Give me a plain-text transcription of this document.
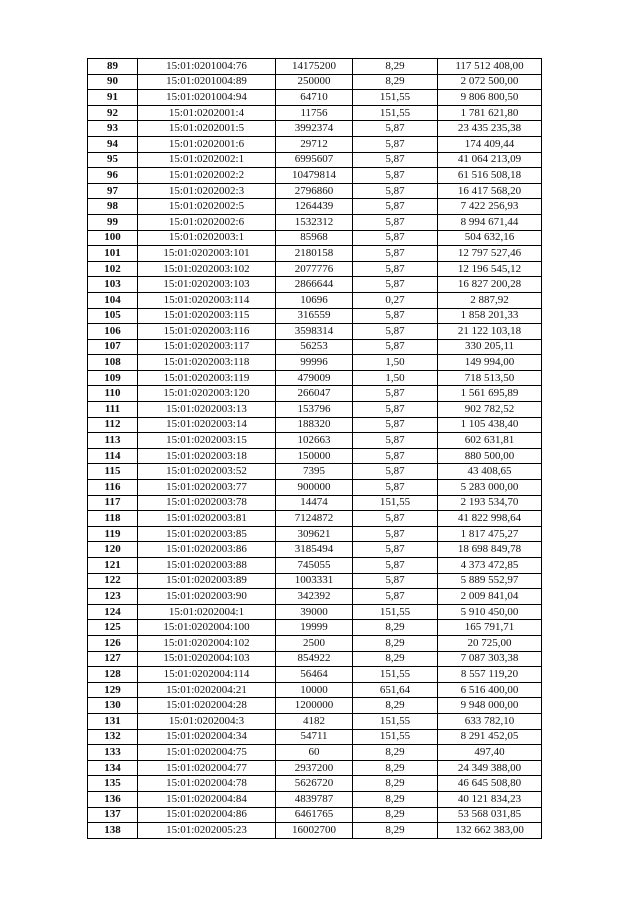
89	15:01:0201004:76	14175200	8,29	117 512 408,00
90	15:01:0201004:89	250000	8,29	2 072 500,00
91	15:01:0201004:94	64710	151,55	9 806 800,50
92	15:01:0202001:4	11756	151,55	1 781 621,80
93	15:01:0202001:5	3992374	5,87	23 435 235,38
94	15:01:0202001:6	29712	5,87	174 409,44
95	15:01:0202002:1	6995607	5,87	41 064 213,09
96	15:01:0202002:2	10479814	5,87	61 516 508,18
97	15:01:0202002:3	2796860	5,87	16 417 568,20
98	15:01:0202002:5	1264439	5,87	7 422 256,93
99	15:01:0202002:6	1532312	5,87	8 994 671,44
100	15:01:0202003:1	85968	5,87	504 632,16
101	15:01:0202003:101	2180158	5,87	12 797 527,46
102	15:01:0202003:102	2077776	5,87	12 196 545,12
103	15:01:0202003:103	2866644	5,87	16 827 200,28
104	15:01:0202003:114	10696	0,27	2 887,92
105	15:01:0202003:115	316559	5,87	1 858 201,33
106	15:01:0202003:116	3598314	5,87	21 122 103,18
107	15:01:0202003:117	56253	5,87	330 205,11
108	15:01:0202003:118	99996	1,50	149 994,00
109	15:01:0202003:119	479009	1,50	718 513,50
110	15:01:0202003:120	266047	5,87	1 561 695,89
111	15:01:0202003:13	153796	5,87	902 782,52
112	15:01:0202003:14	188320	5,87	1 105 438,40
113	15:01:0202003:15	102663	5,87	602 631,81
114	15:01:0202003:18	150000	5,87	880 500,00
115	15:01:0202003:52	7395	5,87	43 408,65
116	15:01:0202003:77	900000	5,87	5 283 000,00
117	15:01:0202003:78	14474	151,55	2 193 534,70
118	15:01:0202003:81	7124872	5,87	41 822 998,64
119	15:01:0202003:85	309621	5,87	1 817 475,27
120	15:01:0202003:86	3185494	5,87	18 698 849,78
121	15:01:0202003:88	745055	5,87	4 373 472,85
122	15:01:0202003:89	1003331	5,87	5 889 552,97
123	15:01:0202003:90	342392	5,87	2 009 841,04
124	15:01:0202004:1	39000	151,55	5 910 450,00
125	15:01:0202004:100	19999	8,29	165 791,71
126	15:01:0202004:102	2500	8,29	20 725,00
127	15:01:0202004:103	854922	8,29	7 087 303,38
128	15:01:0202004:114	56464	151,55	8 557 119,20
129	15:01:0202004:21	10000	651,64	6 516 400,00
130	15:01:0202004:28	1200000	8,29	9 948 000,00
131	15:01:0202004:3	4182	151,55	633 782,10
132	15:01:0202004:34	54711	151,55	8 291 452,05
133	15:01:0202004:75	60	8,29	497,40
134	15:01:0202004:77	2937200	8,29	24 349 388,00
135	15:01:0202004:78	5626720	8,29	46 645 508,80
136	15:01:0202004:84	4839787	8,29	40 121 834,23
137	15:01:0202004:86	6461765	8,29	53 568 031,85
138	15:01:0202005:23	16002700	8,29	132 662 383,00
